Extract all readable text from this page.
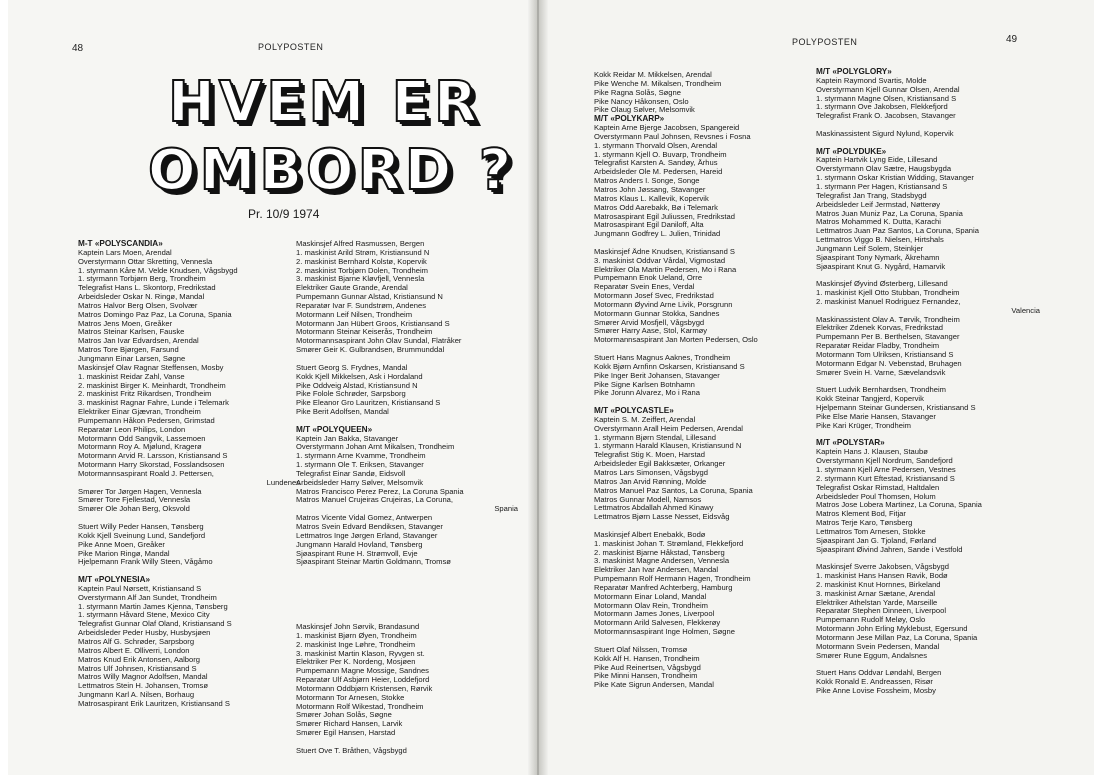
48	POLYPOSTEN
HVEM ER
OMBORD ?
Pr. 10/9 1974
M-T «POLYSCANDIA»
Kaptein Lars Moen, Arendal
Overstyrmann Ottar Skretting, Vennesla
1. styrmann Kåre M. Velde Knudsen, Vågsbygd
1. styrmann Torbjørn Berg, Trondheim
Telegrafist Hans L. Skontorp, Fredrikstad
Arbeidsleder Oskar N. Ringø, Mandal
Matros Halvor Berg Olsen, Svolvær
Matros Domingo Paz Paz, La Coruna, Spania
Matros Jens Moen, Greåker
Matros Steinar Karlsen, Fauske
Matros Jan Ivar Edvardsen, Arendal
Matros Tore Bjørgen, Farsund
Jungmann Einar Larsen, Søgne
Maskinsjef Olav Ragnar Steffensen, Mosby
1. maskinist Reidar Zahl, Vanse
2. maskinist Birger K. Meinhardt, Trondheim
2. maskinist Fritz Rikardsen, Trondheim
3. maskinist Ragnar Fahre, Lunde i Telemark
Elektriker Einar Gjævran, Trondheim
Pumpemann Håkon Pedersen, Grimstad
Reparatør Leon Philips, London
Motormann Odd Sangvik, Lassemoen
Motormann Roy A. Mjølund, Kragerø
Motormann Arvid R. Larsson, Kristiansand S
Motormann Harry Skorstad, Fosslandsosen
Motormannsaspirant Roald J. Pettersen,
Lundenes
Smører Tor Jørgen Hagen, Vennesla
Smører Tore Fjellestad, Vennesla
Smører Ole Johan Berg, Oksvold
Stuert Willy Peder Hansen, Tønsberg
Kokk Kjell Sveinung Lund, Sandefjord
Pike Anne Moen, Greåker
Pike Marion Ringø, Mandal
Hjelpemann Frank Willy Steen, Vågåmo
M/T «POLYNESIA»
Kaptein Paul Nørsett, Kristiansand S
Overstyrmann Alf Jan Sundet, Trondheim
1. styrmann Martin James Kjenna, Tønsberg
1. styrmann Håvard Stene, Mexico City
Telegrafist Gunnar Olaf Oland, Kristiansand S
Arbeidsleder Peder Husby, Husbysjøen
Matros Alf G. Schrøder, Sarpsborg
Matros Albert E. Olliverri, London
Matros Knud Erik Antonsen, Aalborg
Matros Ulf Johnsen, Kristiansand S
Matros Willy Magnor Adolfsen, Mandal
Lettmatros Stein H. Johansen, Tromsø
Jungmann Karl A. Nilsen, Borhaug
Matrosaspirant Erik Lauritzen, Kristiansand S
Maskinsjef Alfred Rasmussen, Bergen
1. maskinist Arild Strøm, Kristiansund N
2. maskinist Bernhard Kolstø, Kopervik
2. maskinist Torbjørn Dolen, Trondheim
3. maskinist Bjarne Kløvfjell, Vennesla
Elektriker Gaute Grande, Arendal
Pumpemann Gunnar Alstad, Kristiansund N
Reparatør Ivar F. Sundstrøm, Andenes
Motormann Leif Nilsen, Trondheim
Motormann Jan Hübert Groos, Kristiansand S
Motormann Steinar Keiserås, Trondheim
Motormannsaspirant John Olav Sundal, Flatråker
Smører Geir K. Gulbrandsen, Brummunddal
Stuert Georg S. Frydnes, Mandal
Kokk Kjell Mikkelsen, Ask i Hordaland
Pike Oddveig Alstad, Kristiansund N
Pike Folole Schrøder, Sarpsborg
Pike Eleanor Gro Lauritzen, Kristiansand S
Pike Berit Adolfsen, Mandal
M/T «POLYQUEEN»
Kaptein Jan Bakka, Stavanger
Overstyrmann Johan Arnt Mikalsen, Trondheim
1. styrmann Arne Kvamme, Trondheim
1. styrmann Ole T. Eriksen, Stavanger
Telegrafist Einar Sandø, Eidsvoll
Arbeidsleder Harry Sølver, Melsomvik
Matros Francisco Perez Perez, La Coruna Spania
Matros Manuel Crujeiras Crujeiras, La Coruna,
Spania
Matros Vicente Vidal Gomez, Antwerpen
Matros Svein Edvard Bendiksen, Stavanger
Lettmatros Inge Jørgen Erland, Stavanger
Jungmann Harald Hovland, Tønsberg
Sjøaspirant Rune H. Strømvoll, Evje
Sjøaspirant Steinar Martin Goldmann, Tromsø
Maskinsjef John Sørvik, Brandasund
1. maskinist Bjørn Øyen, Trondheim
2. maskinist Inge Løhre, Trondheim
3. maskinist Martin Klason, Ryvgen st.
Elektriker Per K. Nordeng, Mosjøen
Pumpemann Magne Mossige, Sandnes
Reparatør Ulf Asbjørn Heier, Loddefjord
Motormann Oddbjørn Kristensen, Rørvik
Motormann Tor Arnesen, Stokke
Motormann Rolf Wikestad, Trondheim
Smører Johan Solås, Søgne
Smører Richard Hansen, Larvik
Smører Egil Hansen, Harstad
Stuert Ove T. Bråthen, Vågsbygd
POLYPOSTEN	49
Kokk Reidar M. Mikkelsen, Arendal
Pike Wenche M. Mikalsen, Trondheim
Pike Ragna Solås, Søgne
Pike Nancy Håkonsen, Oslo
Pike Olaug Sølver, Melsomvik
M/T «POLYKARP»
Kaptein Arne Bjerge Jacobsen, Spangereid
Overstyrmann Paul Johnsen, Revsnes i Fosna
1. styrmann Thorvald Olsen, Arendal
1. styrmann Kjell O. Buvarp, Trondheim
Telegrafist Karsten A. Sandøy, Århus
Arbeidsleder Ole M. Pedersen, Hareid
Matros Anders I. Songe, Songe
Matros John Jøssang, Stavanger
Matros Klaus L. Kallevik, Kopervik
Matros Odd Aarebakk, Bø i Telemark
Matrosaspirant Egil Juliussen, Fredrikstad
Matrosaspirant Egil Daniloff, Alta
Jungmann Godfrey L. Julien, Trinidad
Maskinsjef Ådne Knudsen, Kristiansand S
3. maskinist Oddvar Vårdal, Vigmostad
Elektriker Ola Martin Pedersen, Mo i Rana
Pumpemann Enok Ueland, Orre
Reparatør Svein Enes, Verdal
Motormann Josef Svec, Fredrikstad
Motormann Øyvind Arne Livik, Porsgrunn
Motormann Gunnar Stokka, Sandnes
Smører Arvid Mosfjell, Vågsbygd
Smører Harry Aase, Stol, Karmøy
Motormannsaspirant Jan Morten Pedersen, Oslo
Stuert Hans Magnus Aaknes, Trondheim
Kokk Bjørn Arnfinn Oskarsen, Kristiansand S
Pike Inger Berit Johansen, Stavanger
Pike Signe Karlsen Botnhamn
Pike Jorunn Alvarez, Mo i Rana
M/T «POLYCASTLE»
Kaptein S. M. Zeiffert, Arendal
Overstyrmann Arall Heim Pedersen, Arendal
1. styrmann Bjørn Stendal, Lillesand
1. styrmann Harald Klausen, Kristiansund N
Telegrafist Stig K. Moen, Harstad
Arbeidsleder Egil Bakksæter, Orkanger
Matros Lars Simonsen, Vågsbygd
Matros Jan Arvid Rønning, Molde
Matros Manuel Paz Santos, La Coruna, Spania
Matros Gunnar Modell, Namsos
Lettmatros Abdallah Ahmed Kinawy
Lettmatros Bjørn Lasse Nesset, Eidsvåg
Maskinsjef Albert Enebakk, Bodø
1. maskinist Johan T. Strømland, Flekkefjord
2. maskinist Bjarne Håkstad, Tønsberg
3. maskinist Magne Andersen, Vennesla
Elektriker Jan Ivar Andersen, Mandal
Pumpemann Rolf Hermann Hagen, Trondheim
Reparatør Manfred Achterberg, Hamburg
Motormann Einar Loland, Mandal
Motormann Olav Rein, Trondheim
Motormann James Jones, Liverpool
Motormann Arild Salvesen, Flekkerøy
Motormannsaspirant Inge Holmen, Søgne
Stuert Olaf Nilssen, Tromsø
Kokk Alf H. Hansen, Trondheim
Pike Aud Reinertsen, Vågsbygd
Pike Minni Hansen, Trondheim
Pike Kate Sigrun Andersen, Mandal
M/T «POLYGLORY»
Kaptein Raymond Svartis, Molde
Overstyrmann Kjell Gunnar Olsen, Arendal
1. styrmann Magne Olsen, Kristiansand S
1. styrmann Ove Jakobsen, Flekkefjord
Telegrafist Frank O. Jacobsen, Stavanger
Maskinassistent Sigurd Nylund, Kopervik
M/T «POLYDUKE»
Kaptein Hartvik Lyng Eide, Lillesand
Overstyrmann Olav Sætre, Haugsbygda
1. styrmann Oskar Kristian Widding, Stavanger
1. styrmann Per Hagen, Kristiansand S
Telegrafist Jan Trang, Stadsbygd
Arbeidsleder Leif Jermstad, Nøtterøy
Matros Juan Muniz Paz, La Coruna, Spania
Matros Mohammed K. Dutta, Karachi
Lettmatros Juan Paz Santos, La Coruna, Spania
Lettmatros Viggo B. Nielsen, Hirtshals
Jungmann Leif Solem, Steinkjer
Sjøaspirant Tony Nymark, Åkrehamn
Sjøaspirant Knut G. Nygård, Hamarvik
Maskinsjef Øyvind Østerberg, Lillesand
1. maskinist Kjell Otto Stubban, Trondheim
2. maskinist Manuel Rodriguez Fernandez,
Valencia
Maskinassistent Olav A. Tørvik, Trondheim
Elektriker Zdenek Korvas, Fredrikstad
Pumpemann Per B. Berthelsen, Stavanger
Reparatør Reidar Fladby, Trondheim
Motormann Tom Ulriksen, Kristiansand S
Motormann Edgar N. Vebenstad, Bruhagen
Smører Svein H. Varne, Sævelandsvik
Stuert Ludvik Bernhardsen, Trondheim
Kokk Steinar Tangjerd, Kopervik
Hjelpemann Steinar Gundersen, Kristiansand S
Pike Else Marie Hansen, Stavanger
Pike Kari Krüger, Trondheim
M/T «POLYSTAR»
Kaptein Hans J. Klausen, Staubø
Overstyrmann Kjell Nordrum, Sandefjord
1. styrmann Kjell Arne Pedersen, Vestnes
2. styrmann Kurt Eftestad, Kristiansand S
Telegrafist Oskar Rimstad, Haltdalen
Arbeidsleder Poul Thomsen, Holum
Matros Jose Lobera Martinez, La Coruna, Spania
Matros Klement Bod, Fitjar
Matros Terje Karo, Tønsberg
Lettmatros Tom Arnesen, Stokke
Sjøaspirant Jan G. Tjoland, Førland
Sjøaspirant Øivind Jahren, Sande i Vestfold
Maskinsjef Sverre Jakobsen, Vågsbygd
1. maskinist Hans Hansen Ravik, Bodø
2. maskinist Knut Hornnes, Birkeland
3. maskinist Arnar Sætane, Arendal
Elektriker Athelstan Yarde, Marseille
Reparatør Stephen Dinneen, Liverpool
Pumpemann Rudolf Meløy, Oslo
Motormann John Erling Myklebust, Egersund
Motormann Jese Millan Paz, La Coruna, Spania
Motormann Svein Pedersen, Mandal
Smører Rune Eggum, Andalsnes
Stuert Hans Oddvar Løndahl, Bergen
Kokk Ronald E. Andreassen, Risør
Pike Anne Lovise Fossheim, Mosby
